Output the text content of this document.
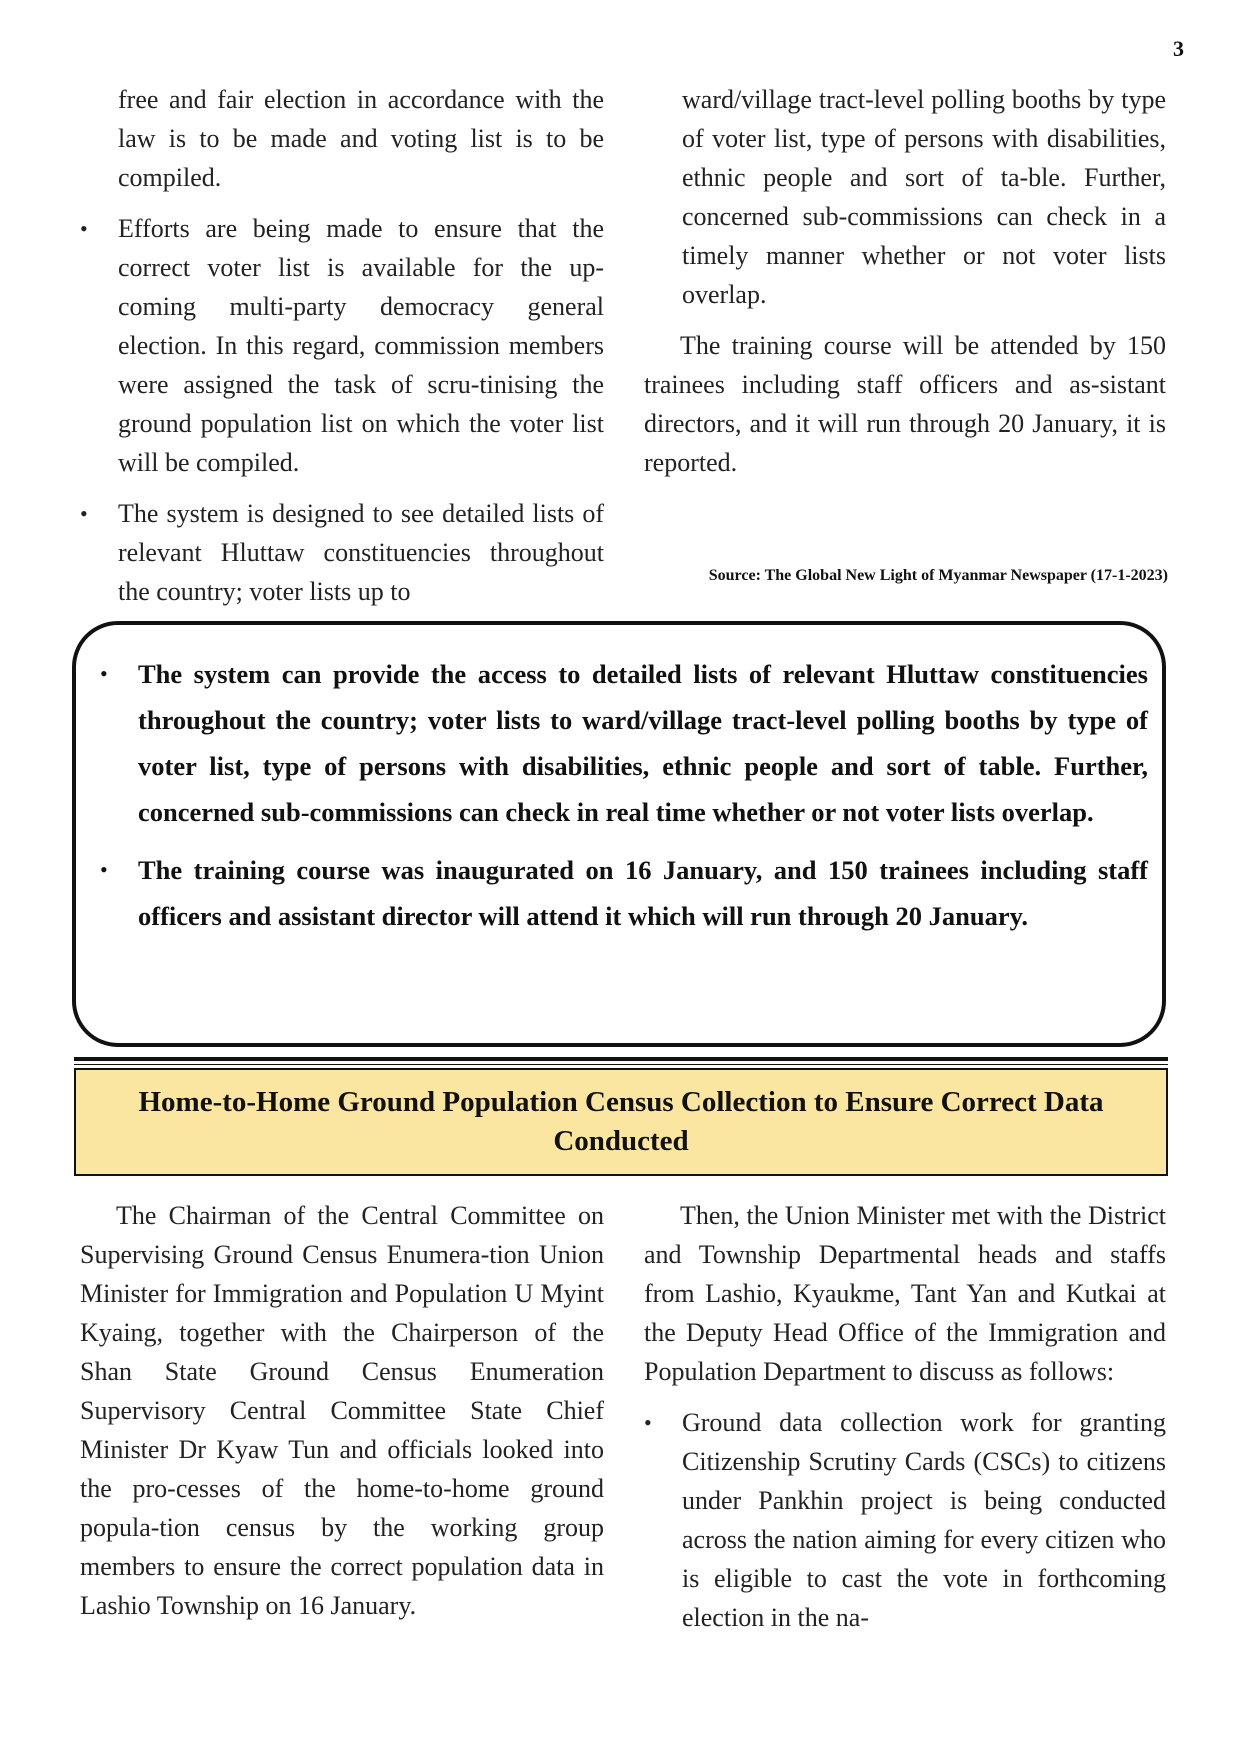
3

free and fair election in accordance with the law is to be made and voting list is to be compiled.

• Efforts are being made to ensure that the correct voter list is available for the up-coming multi-party democracy general election. In this regard, commission members were assigned the task of scru-tinising the ground population list on which the voter list will be compiled.
• The system is designed to see detailed lists of relevant Hluttaw constituencies throughout the country; voter lists up to

ward/village tract-level polling booths by type of voter list, type of persons with disabilities, ethnic people and sort of ta-ble. Further, concerned sub-commissions can check in a timely manner whether or not voter lists overlap.

The training course will be attended by 150 trainees including staff officers and as-sistant directors, and it will run through 20 January, it is reported.

Source: The Global New Light of Myanmar Newspaper (17-1-2023)
• The system can provide the access to detailed lists of relevant Hluttaw constituencies throughout the country; voter lists to ward/village tract-level polling booths by type of voter list, type of persons with disabilities, ethnic people and sort of table. Further, concerned sub-commissions can check in real time whether or not voter lists overlap.
• The training course was inaugurated on 16 January, and 150 trainees including staff officers and assistant director will attend it which will run through 20 January.
Home-to-Home Ground Population Census Collection to Ensure Correct Data Conducted

The Chairman of the Central Committee on Supervising Ground Census Enumera-tion Union Minister for Immigration and Population U Myint Kyaing, together with the Chairperson of the Shan State Ground Census Enumeration Supervisory Central Committee State Chief Minister Dr Kyaw Tun and officials looked into the pro-cesses of the home-to-home ground popula-tion census by the working group members to ensure the correct population data in Lashio Township on 16 January.

Then, the Union Minister met with the District and Township Departmental heads and staffs from Lashio, Kyaukme, Tant Yan and Kutkai at the Deputy Head Office of the Immigration and Population Department to discuss as follows:

• Ground data collection work for granting Citizenship Scrutiny Cards (CSCs) to citizens under Pankhin project is being conducted across the nation aiming for every citizen who is eligible to cast the vote in forthcoming election in the na-
